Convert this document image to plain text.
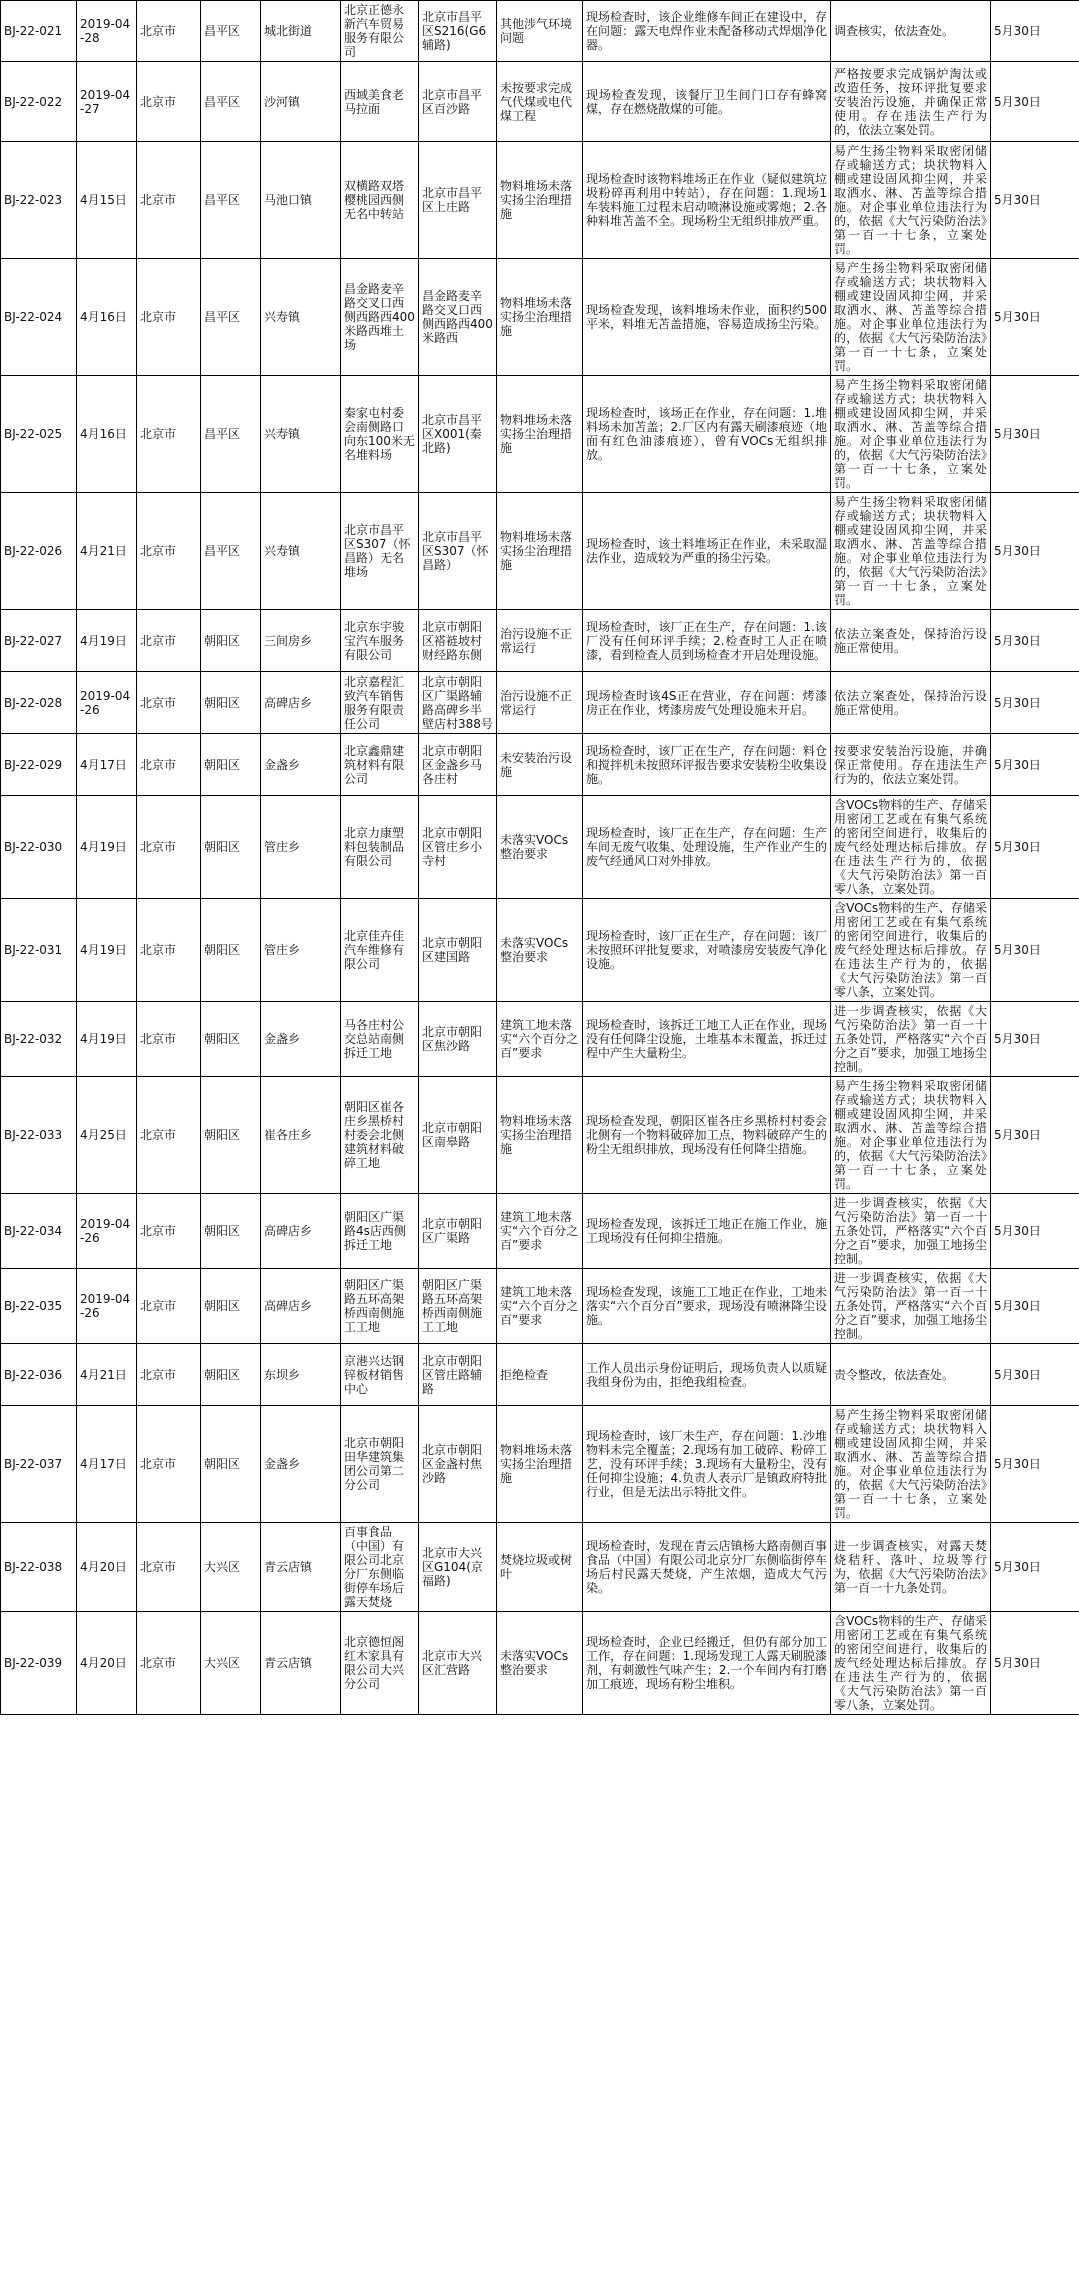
BJ-22-021	2019-04-28	北京市	昌平区	城北街道	北京正德永新汽车贸易服务有限公司	北京市昌平区S216(G6辅路)	其他涉气环境问题	现场检查时，该企业维修车间正在建设中，存在问题：露天电焊作业未配备移动式焊烟净化器。	调查核实，依法查处。	5月30日
BJ-22-022	2019-04-27	北京市	昌平区	沙河镇	西域美食老马拉面	北京市昌平区百沙路	未按要求完成气代煤或电代煤工程	现场检查发现，该餐厅卫生间门口存有蜂窝煤，存在燃烧散煤的可能。	严格按要求完成锅炉淘汰或改造任务，按环评批复要求安装治污设施，并确保正常使用。存在违法生产行为的，依法立案处罚。	5月30日
BJ-22-023	4月15日	北京市	昌平区	马池口镇	双横路双塔樱桃园西侧无名中转站	北京市昌平区上庄路	物料堆场未落实扬尘治理措施	现场检查时该物料堆场正在作业（疑似建筑垃圾粉碎再利用中转站），存在问题：1.现场1车装料施工过程未启动喷淋设施或雾炮；2.各种料堆苫盖不全。现场粉尘无组织排放严重。	易产生扬尘物料采取密闭储存或输送方式；块状物料入棚或建设固风抑尘网，并采取洒水、淋、苫盖等综合措施。对企事业单位违法行为的，依据《大气污染防治法》第一百一十七条，立案处罚。	5月30日
BJ-22-024	4月16日	北京市	昌平区	兴寿镇	昌金路麦辛路交叉口西侧西路西400米路西堆土场	昌金路麦辛路交叉口西侧西路西400米路西	物料堆场未落实扬尘治理措施	现场检查发现，该料堆场未作业，面积约500平米，料堆无苫盖措施，容易造成扬尘污染。	易产生扬尘物料采取密闭储存或输送方式；块状物料入棚或建设固风抑尘网，并采取洒水、淋、苫盖等综合措施。对企事业单位违法行为的，依据《大气污染防治法》第一百一十七条，立案处罚。	5月30日
BJ-22-025	4月16日	北京市	昌平区	兴寿镇	秦家屯村委会南侧路口向东100米无名堆料场	北京市昌平区X001(秦北路)	物料堆场未落实扬尘治理措施	现场检查时，该场正在作业，存在问题：1.堆料场未加苫盖；2.厂区内有露天刷漆痕迹（地面有红色油漆痕迹），曾有VOCs无组织排放。	易产生扬尘物料采取密闭储存或输送方式；块状物料入棚或建设固风抑尘网，并采取洒水、淋、苫盖等综合措施。对企事业单位违法行为的，依据《大气污染防治法》第一百一十七条，立案处罚。	5月30日
BJ-22-026	4月21日	北京市	昌平区	兴寿镇	北京市昌平区S307（怀昌路）无名堆场	北京市昌平区S307（怀昌路）	物料堆场未落实扬尘治理措施	现场检查时，该土料堆场正在作业，未采取湿法作业，造成较为严重的扬尘污染。	易产生扬尘物料采取密闭储存或输送方式；块状物料入棚或建设固风抑尘网，并采取洒水、淋、苫盖等综合措施。对企事业单位违法行为的，依据《大气污染防治法》第一百一十七条，立案处罚。	5月30日
BJ-22-027	4月19日	北京市	朝阳区	三间房乡	北京东宇骏宝汽车服务有限公司	北京市朝阳区褡裢坡村财经路东侧	治污设施不正常运行	现场检查时，该厂正在生产，存在问题：1.该厂没有任何环评手续；2.检查时工人正在喷漆，看到检查人员到场检查才开启处理设施。	依法立案查处，保持治污设施正常使用。	5月30日
BJ-22-028	2019-04-26	北京市	朝阳区	高碑店乡	北京嘉程汇致汽车销售服务有限责任公司	北京市朝阳区广渠路辅路高碑乡半壁店村388号	治污设施不正常运行	现场检查时该4S正在营业，存在问题：烤漆房正在作业，烤漆房废气处理设施未开启。	依法立案查处，保持治污设施正常使用。	5月30日
BJ-22-029	4月17日	北京市	朝阳区	金盏乡	北京鑫鼎建筑材料有限公司	北京市朝阳区金盏乡马各庄村	未安装治污设施	现场检查时，该厂正在生产，存在问题：料仓和搅拌机未按照环评报告要求安装粉尘收集设施。	按要求安装治污设施，并确保正常使用。存在违法生产行为的，依法立案处罚。	5月30日
BJ-22-030	4月19日	北京市	朝阳区	管庄乡	北京力康塑料包装制品有限公司	北京市朝阳区管庄乡小寺村	未落实VOCs整治要求	现场检查时，该厂正在生产，存在问题：生产车间无废气收集、处理设施，生产作业产生的废气经通风口对外排放。	含VOCs物料的生产、存储采用密闭工艺或在有集气系统的密闭空间进行，收集后的废气经处理达标后排放。存在违法生产行为的，依据《大气污染防治法》第一百零八条，立案处罚。	5月30日
BJ-22-031	4月19日	北京市	朝阳区	管庄乡	北京佳卉佳汽车维修有限公司	北京市朝阳区建国路	未落实VOCs整治要求	现场检查时，该厂正在生产，存在问题：该厂未按照环评批复要求，对喷漆房安装废气净化设施。	含VOCs物料的生产、存储采用密闭工艺或在有集气系统的密闭空间进行，收集后的废气经处理达标后排放。存在违法生产行为的，依据《大气污染防治法》第一百零八条，立案处罚。	5月30日
BJ-22-032	4月19日	北京市	朝阳区	金盏乡	马各庄村公交总站南侧拆迁工地	北京市朝阳区焦沙路	建筑工地未落实“六个百分之百”要求	现场检查时，该拆迁工地工人正在作业，现场没有任何降尘设施，土堆基本未覆盖，拆迁过程中产生大量粉尘。	进一步调查核实，依据《大气污染防治法》第一百一十五条处罚，严格落实“六个百分之百”要求，加强工地扬尘控制。	5月30日
BJ-22-033	4月25日	北京市	朝阳区	崔各庄乡	朝阳区崔各庄乡黑桥村村委会北侧建筑材料破碎工地	北京市朝阳区南皋路	物料堆场未落实扬尘治理措施	现场检查发现，朝阳区崔各庄乡黑桥村村委会北侧有一个物料破碎加工点，物料破碎产生的粉尘无组织排放，现场没有任何降尘措施。	易产生扬尘物料采取密闭储存或输送方式；块状物料入棚或建设固风抑尘网，并采取洒水、淋、苫盖等综合措施。对企事业单位违法行为的，依据《大气污染防治法》第一百一十七条，立案处罚。	5月30日
BJ-22-034	2019-04-26	北京市	朝阳区	高碑店乡	朝阳区广渠路4s店西侧拆迁工地	北京市朝阳区广渠路	建筑工地未落实“六个百分之百”要求	现场检查发现，该拆迁工地正在施工作业，施工现场没有任何抑尘措施。	进一步调查核实，依据《大气污染防治法》第一百一十五条处罚，严格落实“六个百分之百”要求，加强工地扬尘控制。	5月30日
BJ-22-035	2019-04-26	北京市	朝阳区	高碑店乡	朝阳区广渠路五环高架桥西南侧施工工地	朝阳区广渠路五环高架桥西南侧施工工地	建筑工地未落实“六个百分之百”要求	现场检查发现，该施工工地正在作业，工地未落实“六个百分百”要求，现场没有喷淋降尘设施。	进一步调查核实，依据《大气污染防治法》第一百一十五条处罚，严格落实“六个百分之百”要求，加强工地扬尘控制。	5月30日
BJ-22-036	4月21日	北京市	朝阳区	东坝乡	京港兴达钢锌板材销售中心	北京市朝阳区管庄路辅路	拒绝检查	工作人员出示身份证明后，现场负责人以质疑我组身份为由，拒绝我组检查。	责令整改，依法查处。	5月30日
BJ-22-037	4月17日	北京市	朝阳区	金盏乡	北京市朝阳田华建筑集团公司第二分公司	北京市朝阳区金盏村焦沙路	物料堆场未落实扬尘治理措施	现场检查时，该厂未生产，存在问题：1.沙堆物料未完全覆盖；2.现场有加工破碎、粉碎工艺，没有环评手续；3.现场有大量粉尘，没有任何抑尘设施；4.负责人表示厂是镇政府特批行业，但是无法出示特批文件。	易产生扬尘物料采取密闭储存或输送方式；块状物料入棚或建设固风抑尘网，并采取洒水、淋、苫盖等综合措施。对企事业单位违法行为的，依据《大气污染防治法》第一百一十七条，立案处罚。	5月30日
BJ-22-038	4月20日	北京市	大兴区	青云店镇	百事食品（中国）有限公司北京分厂东侧临街停车场后露天焚烧	北京市大兴区G104(京福路)	焚烧垃圾或树叶	现场检查时，发现在青云店镇杨大路南侧百事食品（中国）有限公司北京分厂东侧临街停车场后村民露天焚烧，产生浓烟，造成大气污染。	进一步调查核实，对露天焚烧秸秆、落叶、垃圾等行为，依据《大气污染防治法》第一百一十九条处罚。	5月30日
BJ-22-039	4月20日	北京市	大兴区	青云店镇	北京德恒阁红木家具有限公司大兴分公司	北京市大兴区汇营路	未落实VOCs整治要求	现场检查时，企业已经搬迁，但仍有部分加工工作，存在问题：1.现场发现工人露天刷脱漆剂，有刺激性气味产生；2.一个车间内有打磨加工痕迹，现场有粉尘堆积。	含VOCs物料的生产、存储采用密闭工艺或在有集气系统的密闭空间进行，收集后的废气经处理达标后排放。存在违法生产行为的，依据《大气污染防治法》第一百零八条，立案处罚。	5月30日
